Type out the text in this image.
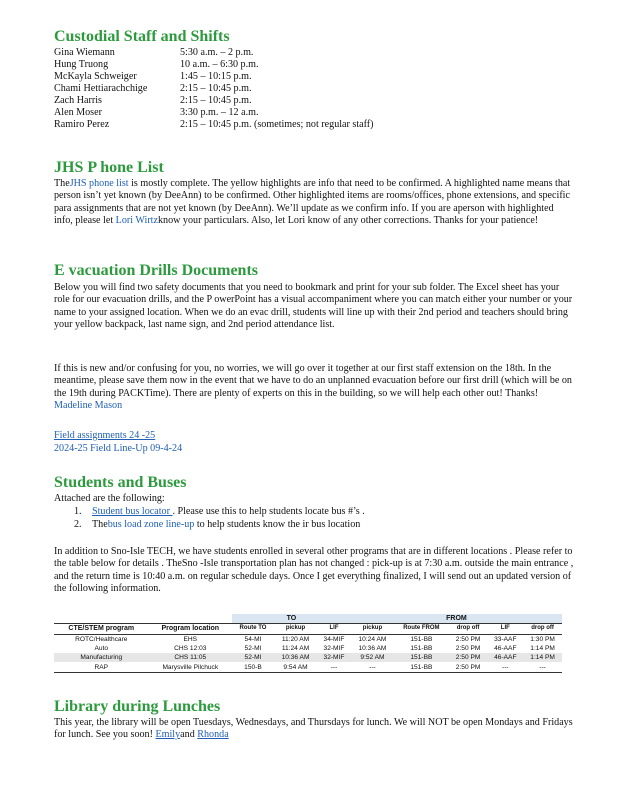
Custodial Staff and Shifts
Gina Wiemann	5:30 a.m. – 2 p.m.
Hung Truong	10 a.m. – 6:30 p.m.
McKayla Schweiger	1:45 – 10:15 p.m.
Chami Hettiarachchige	2:15 – 10:45 p.m.
Zach Harris	2:15 – 10:45 p.m.
Alen Moser	3:30 p.m. – 12 a.m.
Ramiro Perez	2:15 – 10:45 p.m. (sometimes; not regular staff)
JHS P hone List
TheJHS phone list is mostly complete. The yellow highlights are info that need to be confirmed. A highlighted name means that person isn’t yet known (by DeeAnn) to be confirmed. Other highlighted items are rooms/offices, phone extensions, and specific para assignments that are not yet known (by DeeAnn). We’ll update as we confirm info. If you are aperson with highlighted info, please let Lori Wirtzknow your particulars. Also, let Lori know of any other corrections. Thanks for your patience!
E vacuation Drills Documents
Below you will find two safety documents that you need to bookmark and print for your sub folder. The Excel sheet has your role for our evacuation drills, and the P owerPoint has a visual accompaniment where you can match either your number or your name to your assigned location. When we do an evac drill, students will line up with their 2nd period and teachers should bring your yellow backpack, last name sign, and 2nd period attendance list.
If this is new and/or confusing for you, no worries, we will go over it together at our first staff extension on the 18th. In the meantime, please save them now in the event that we have to do an unplanned evacuation before our first drill (which will be on the 19th during PACKTime). There are plenty of experts on this in the building, so we will help each other out! Thanks! Madeline Mason
Field assignments 24 -25
2024-25 Field Line-Up 09-4-24
Students and Buses
Attached are the following:
1. Student bus locator . Please use this to help students locate bus #’s .
2. Thebus load zone line-up to help students know the ir bus location
In addition to Sno-Isle TECH, we have students enrolled in several other programs that are in different locations . Please refer to the table below for details . TheSno -Isle transportation plan has not changed : pick-up is at 7:30 a.m. outside the main entrance , and the return time is 10:40 a.m. on regular schedule days. Once I get everything finalized, I will send out an updated version of the following information.
		TO			FROM				
CTE/STEM program	Program location	Route TO	pickup	LIF	pickup	Route FROM	drop off	LIF	drop off
ROTC/Healthcare	EHS	54-MI	11:20 AM	34-MIF	10:24 AM	151-BB	2:50 PM	33-AAF	1:30 PM
Auto	CHS 12:03	52-MI	11:24 AM	32-MIF	10:36 AM	151-BB	2:50 PM	46-AAF	1:14 PM
Manufacturing	CHS 11:05	52-MI	10:36 AM	32-MIF	9:52 AM	151-BB	2:50 PM	46-AAF	1:14 PM
RAP	Marysville Pilchuck	150-B	9:54 AM	---	---	151-BB	2:50 PM	---	---
Library during Lunches
This year, the library will be open Tuesdays, Wednesdays, and Thursdays for lunch. We will NOT be open Mondays and Fridays for lunch. See you soon! Emilyand Rhonda
